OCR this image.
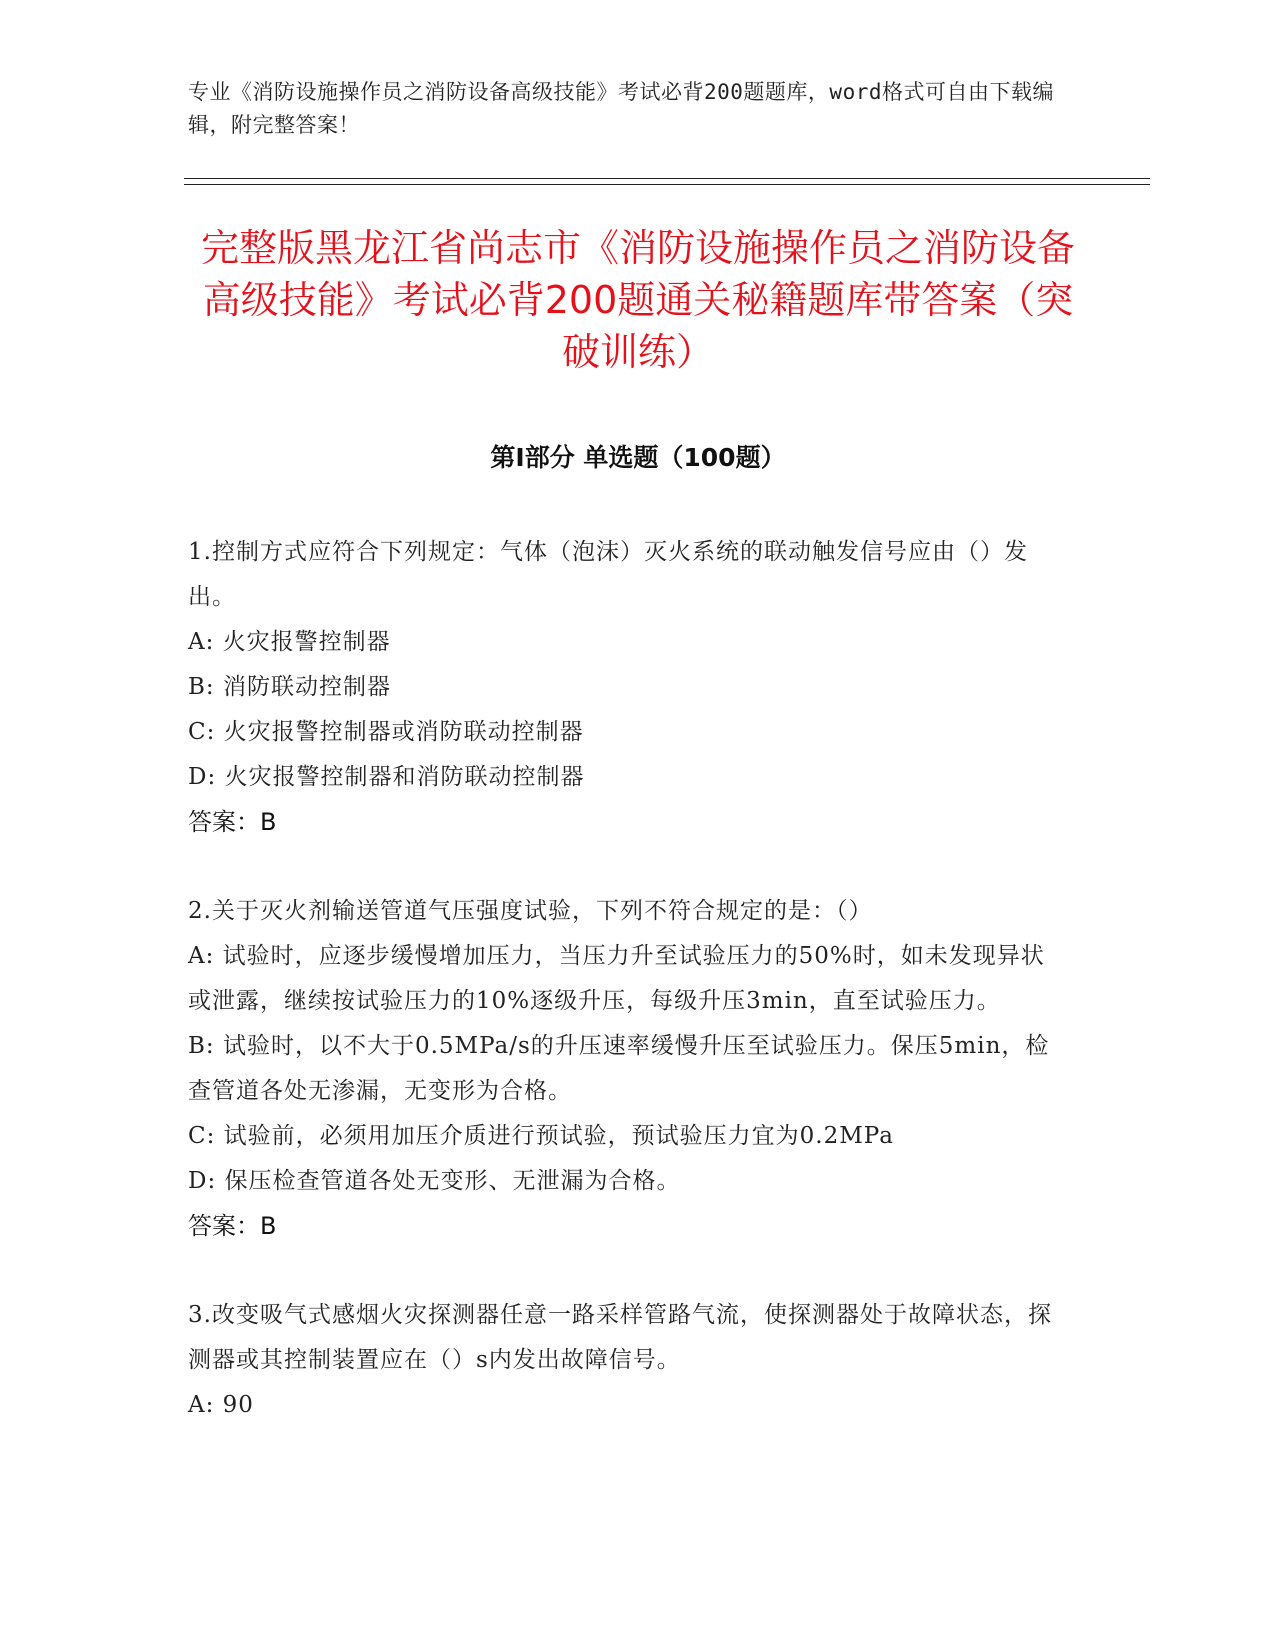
专业《消防设施操作员之消防设备高级技能》考试必背200题题库，word格式可自由下载编辑，附完整答案！
完整版黑龙江省尚志市《消防设施操作员之消防设备高级技能》考试必背200题通关秘籍题库带答案（突破训练）
第I部分 单选题（100题）
1.控制方式应符合下列规定：气体（泡沫）灭火系统的联动触发信号应由（）发出。
A: 火灾报警控制器
B: 消防联动控制器
C: 火灾报警控制器或消防联动控制器
D: 火灾报警控制器和消防联动控制器
答案：B
2.关于灭火剂输送管道气压强度试验，下列不符合规定的是：（）
A: 试验时，应逐步缓慢增加压力，当压力升至试验压力的50%时，如未发现异状或泄露，继续按试验压力的10%逐级升压，每级升压3min，直至试验压力。
B: 试验时，以不大于0.5MPa/s的升压速率缓慢升压至试验压力。保压5min，检查管道各处无渗漏，无变形为合格。
C: 试验前，必须用加压介质进行预试验，预试验压力宜为0.2MPa
D: 保压检查管道各处无变形、无泄漏为合格。
答案：B
3.改变吸气式感烟火灾探测器任意一路采样管路气流，使探测器处于故障状态，探测器或其控制装置应在（）s内发出故障信号。
A: 90
